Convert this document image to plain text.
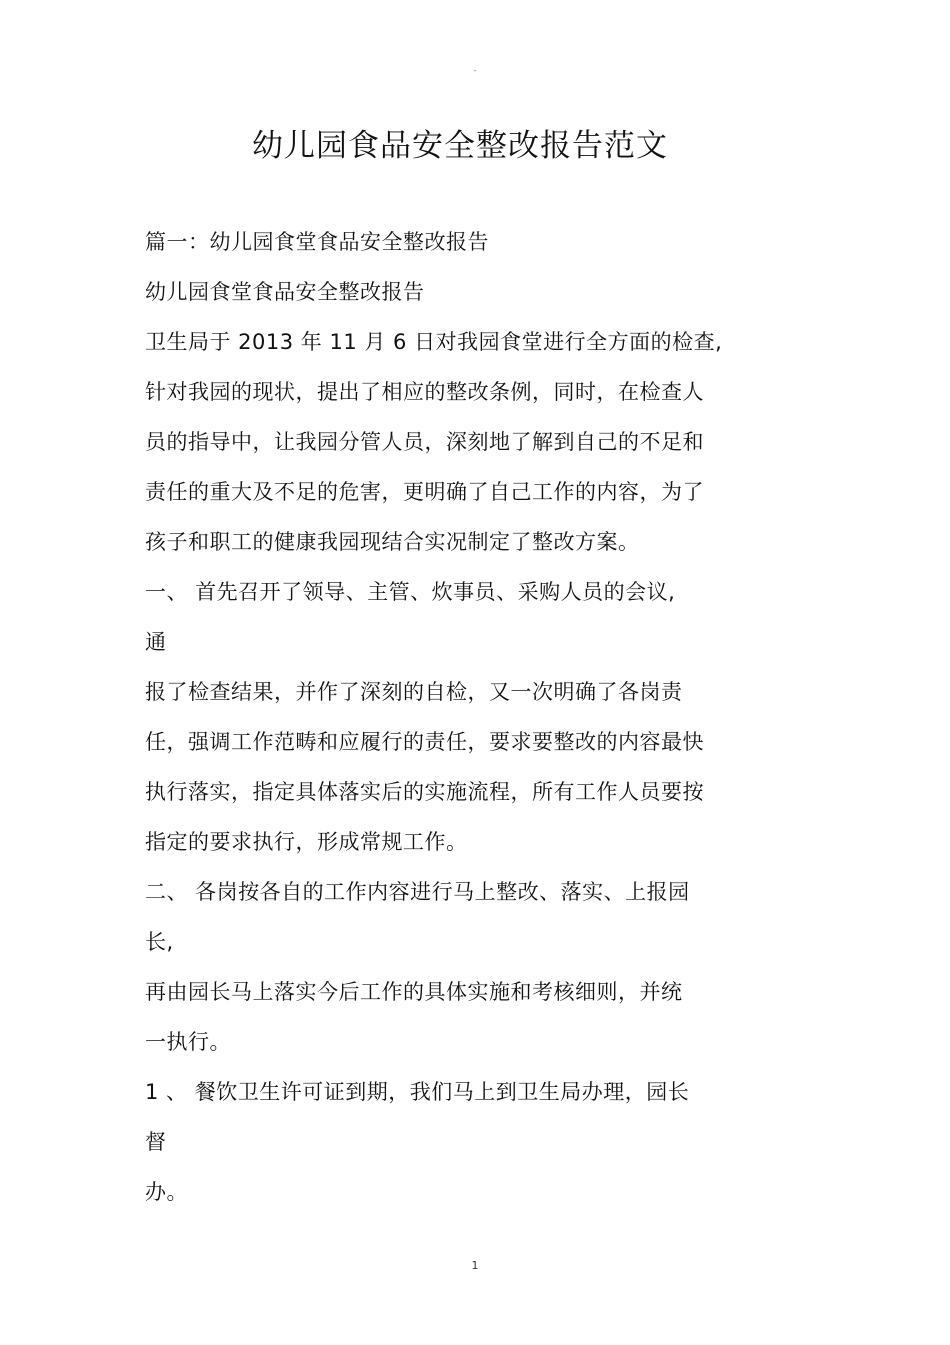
-
幼儿园食品安全整改报告范文
篇一：幼儿园食堂食品安全整改报告
幼儿园食堂食品安全整改报告
卫生局于 2013 年 11 月 6 日对我园食堂进行全方面的检查,
针对我园的现状，提出了相应的整改条例，同时，在检查人
员的指导中，让我园分管人员，深刻地了解到自己的不足和
责任的重大及不足的危害，更明确了自己工作的内容，为了
孩子和职工的健康我园现结合实况制定了整改方案。
一、 首先召开了领导、主管、炊事员、采购人员的会议,
通
报了检查结果，并作了深刻的自检，又一次明确了各岗责
任，强调工作范畴和应履行的责任，要求要整改的内容最快
执行落实，指定具体落实后的实施流程，所有工作人员要按
指定的要求执行，形成常规工作。
二、 各岗按各自的工作内容进行马上整改、落实、上报园
长,
再由园长马上落实今后工作的具体实施和考核细则，并统
一执行。
1 、 餐饮卫生许可证到期，我们马上到卫生局办理，园长
督
办。
1
